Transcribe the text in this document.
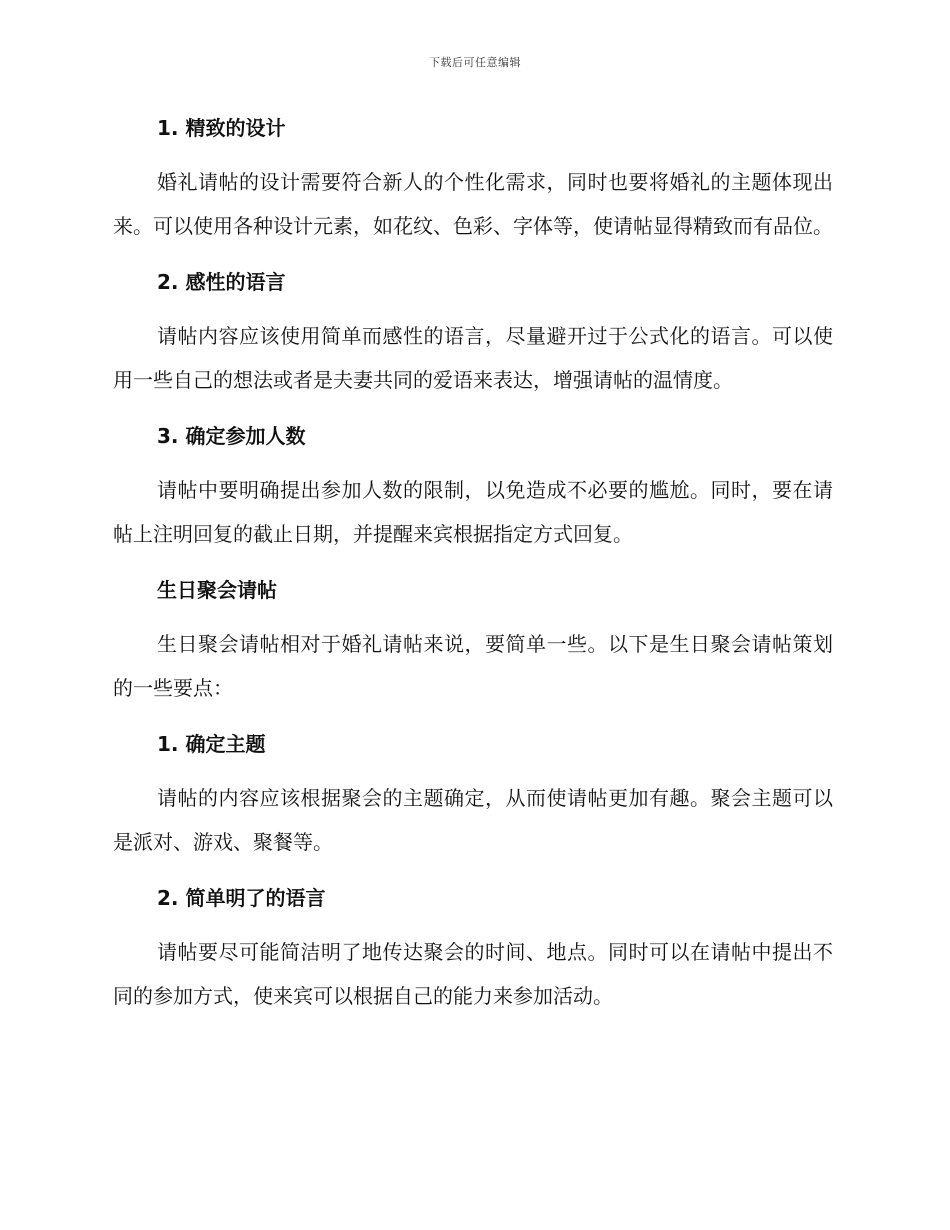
下载后可任意编辑
1. 精致的设计

婚礼请帖的设计需要符合新人的个性化需求，同时也要将婚礼的主题体现出来。可以使用各种设计元素，如花纹、色彩、字体等，使请帖显得精致而有品位。

2. 感性的语言

请帖内容应该使用简单而感性的语言，尽量避开过于公式化的语言。可以使用一些自己的想法或者是夫妻共同的爱语来表达，增强请帖的温情度。

3. 确定参加人数

请帖中要明确提出参加人数的限制，以免造成不必要的尴尬。同时，要在请帖上注明回复的截止日期，并提醒来宾根据指定方式回复。

生日聚会请帖

生日聚会请帖相对于婚礼请帖来说，要简单一些。以下是生日聚会请帖策划的一些要点：

1. 确定主题

请帖的内容应该根据聚会的主题确定，从而使请帖更加有趣。聚会主题可以是派对、游戏、聚餐等。

2. 简单明了的语言

请帖要尽可能简洁明了地传达聚会的时间、地点。同时可以在请帖中提出不同的参加方式，使来宾可以根据自己的能力来参加活动。
